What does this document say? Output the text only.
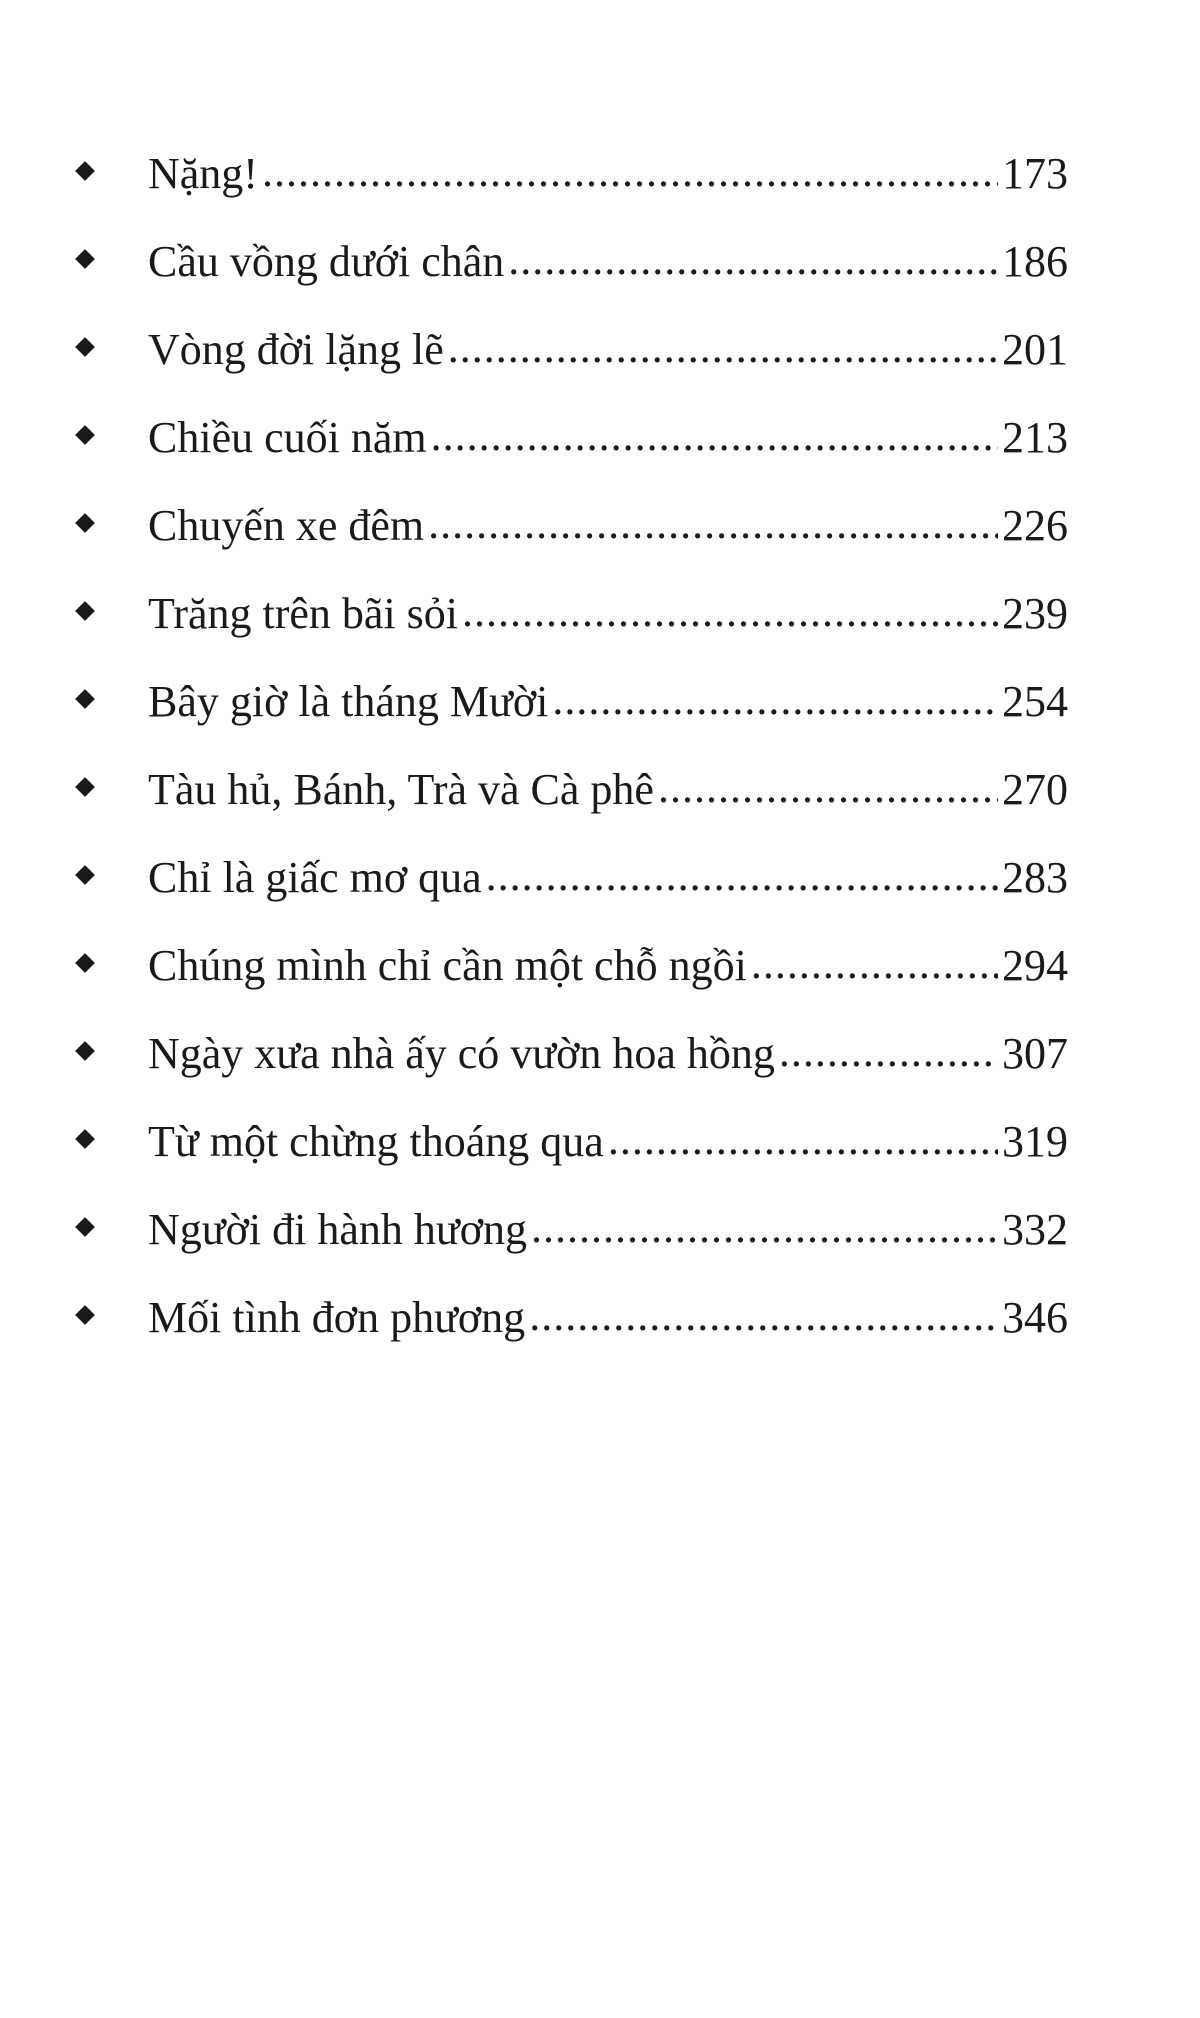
Nặng! .....	173
Cầu vồng dưới chân .....	186
Vòng đời lặng lẽ .....	201
Chiều cuối năm .....	213
Chuyến xe đêm .....	226
Trăng trên bãi sỏi .....	239
Bây giờ là tháng Mười .....	254
Tàu hủ, Bánh, Trà và Cà phê .....	270
Chỉ là giấc mơ qua .....	283
Chúng mình chỉ cần một chỗ ngồi .....	294
Ngày xưa nhà ấy có vườn hoa hồng .....	307
Từ một chừng thoáng qua .....	319
Người đi hành hương .....	332
Mối tình đơn phương .....	346
